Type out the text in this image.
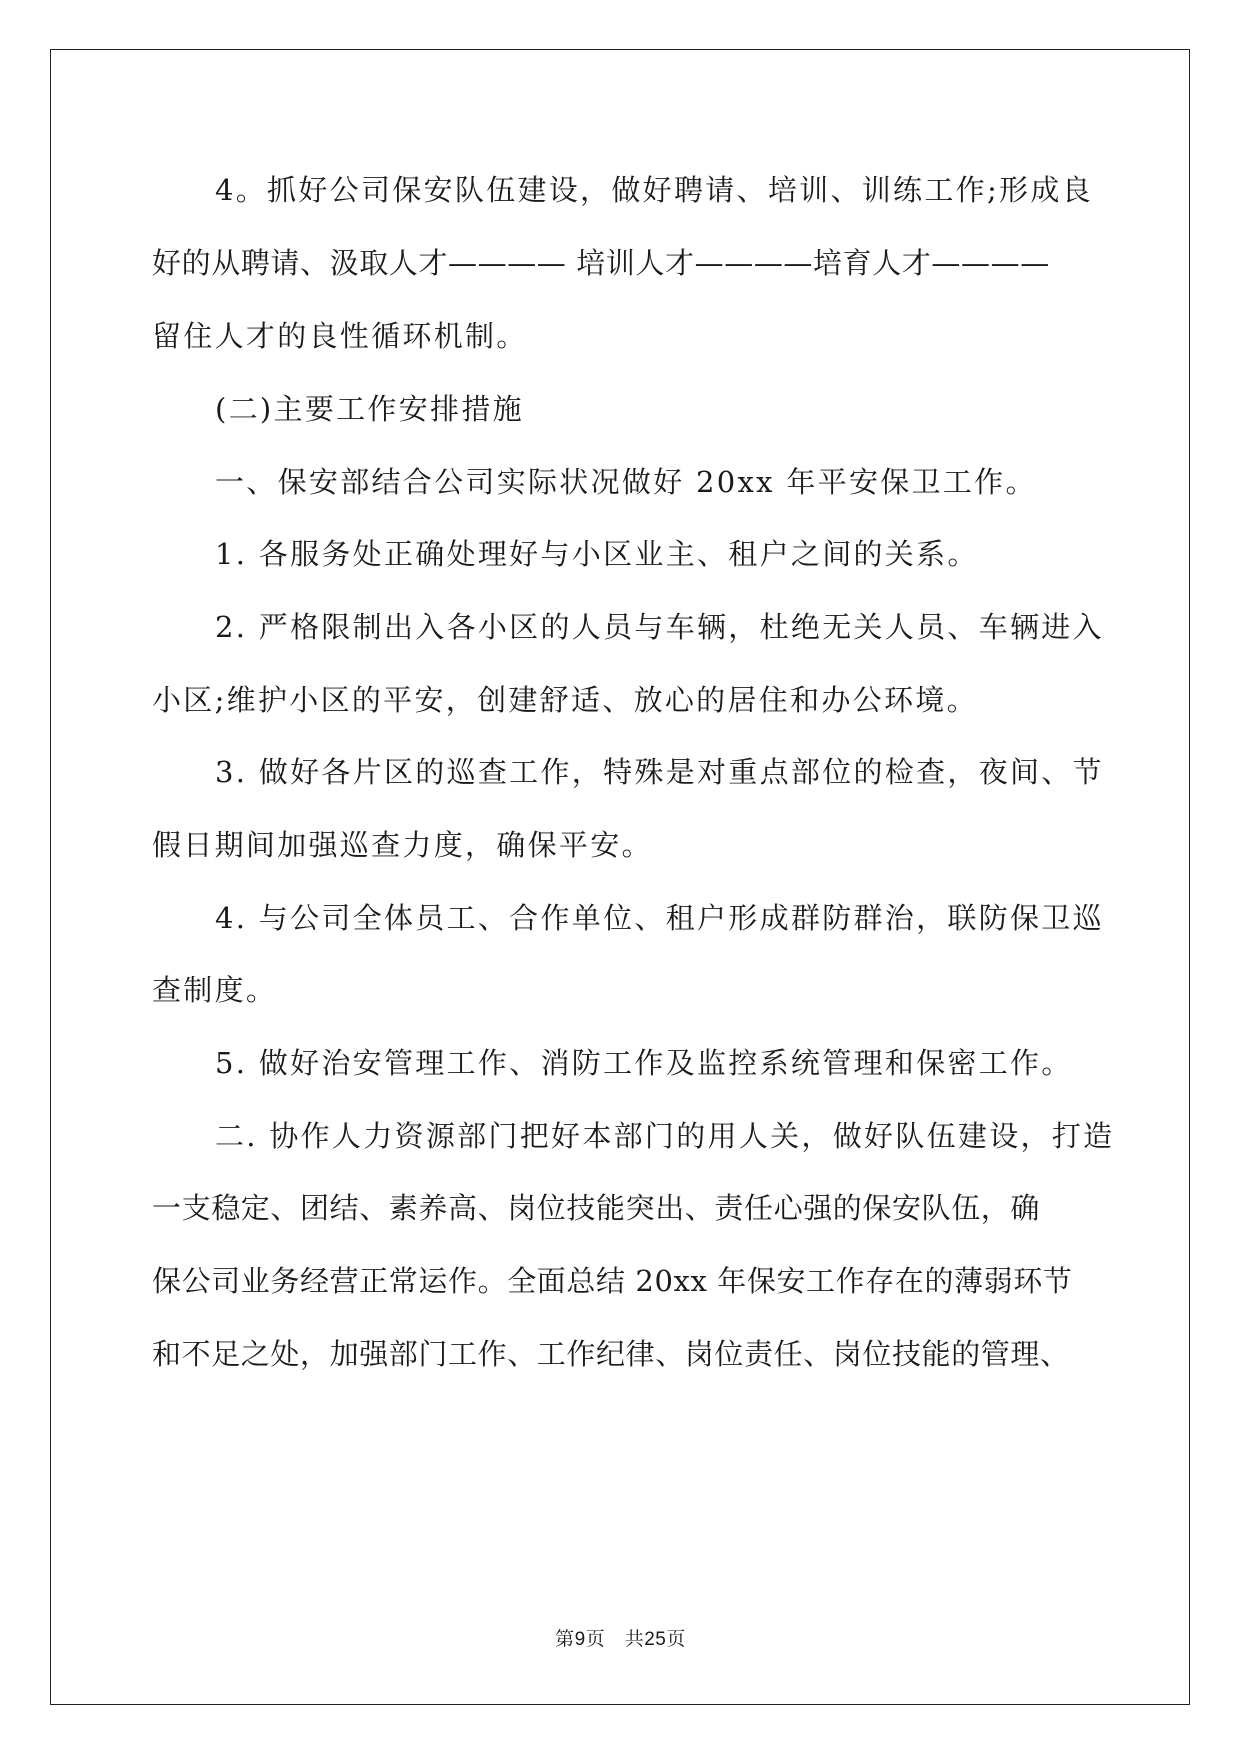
4。抓好公司保安队伍建设，做好聘请、培训、训练工作;形成良
好的从聘请、汲取人才———— 培训人才————培育人才————
留住人才的良性循环机制。
(二)主要工作安排措施
一、保安部结合公司实际状况做好 20xx 年平安保卫工作。
1. 各服务处正确处理好与小区业主、租户之间的关系。
2. 严格限制出入各小区的人员与车辆，杜绝无关人员、车辆进入
小区;维护小区的平安，创建舒适、放心的居住和办公环境。
3. 做好各片区的巡查工作，特殊是对重点部位的检查，夜间、节
假日期间加强巡查力度，确保平安。
4. 与公司全体员工、合作单位、租户形成群防群治，联防保卫巡
查制度。
5. 做好治安管理工作、消防工作及监控系统管理和保密工作。
二. 协作人力资源部门把好本部门的用人关，做好队伍建设，打造
一支稳定、团结、素养高、岗位技能突出、责任心强的保安队伍，确
保公司业务经营正常运作。全面总结 20xx 年保安工作存在的薄弱环节
和不足之处，加强部门工作、工作纪律、岗位责任、岗位技能的管理、
第9页　共25页
